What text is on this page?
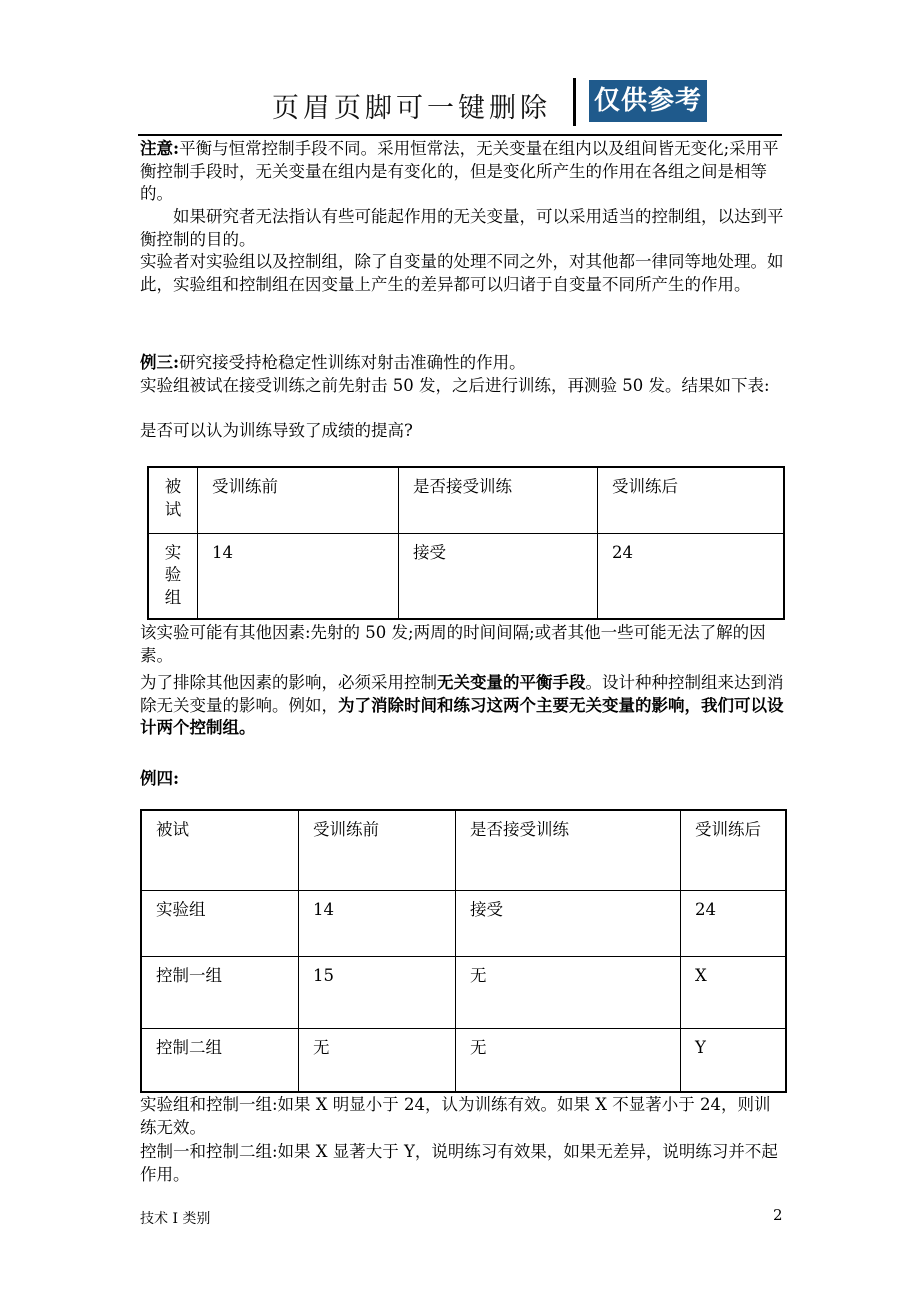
页眉页脚可一键删除 仅供参考
注意:平衡与恒常控制手段不同。采用恒常法，无关变量在组内以及组间皆无变化;采用平衡控制手段时，无关变量在组内是有变化的，但是变化所产生的作用在各组之间是相等的。
如果研究者无法指认有些可能起作用的无关变量，可以采用适当的控制组，以达到平衡控制的目的。
实验者对实验组以及控制组，除了自变量的处理不同之外，对其他都一律同等地处理。如此，实验组和控制组在因变量上产生的差异都可以归诸于自变量不同所产生的作用。
例三:研究接受持枪稳定性训练对射击准确性的作用。
实验组被试在接受训练之前先射击 50 发，之后进行训练，再测验 50 发。结果如下表:
是否可以认为训练导致了成绩的提高?
被试	受训练前	是否接受训练	受训练后
实验组	14	接受	24
该实验可能有其他因素:先射的 50 发;两周的时间间隔;或者其他一些可能无法了解的因素。
为了排除其他因素的影响，必须采用控制无关变量的平衡手段。设计种种控制组来达到消除无关变量的影响。例如，为了消除时间和练习这两个主要无关变量的影响，我们可以设计两个控制组。
例四:
被试	受训练前	是否接受训练	受训练后
实验组	14	接受	24
控制一组	15	无	X
控制二组	无	无	Y
实验组和控制一组:如果 X 明显小于 24，认为训练有效。如果 X 不显著小于 24，则训练无效。
控制一和控制二组:如果 X 显著大于 Y，说明练习有效果，如果无差异，说明练习并不起作用。
技术 I 类别	2
